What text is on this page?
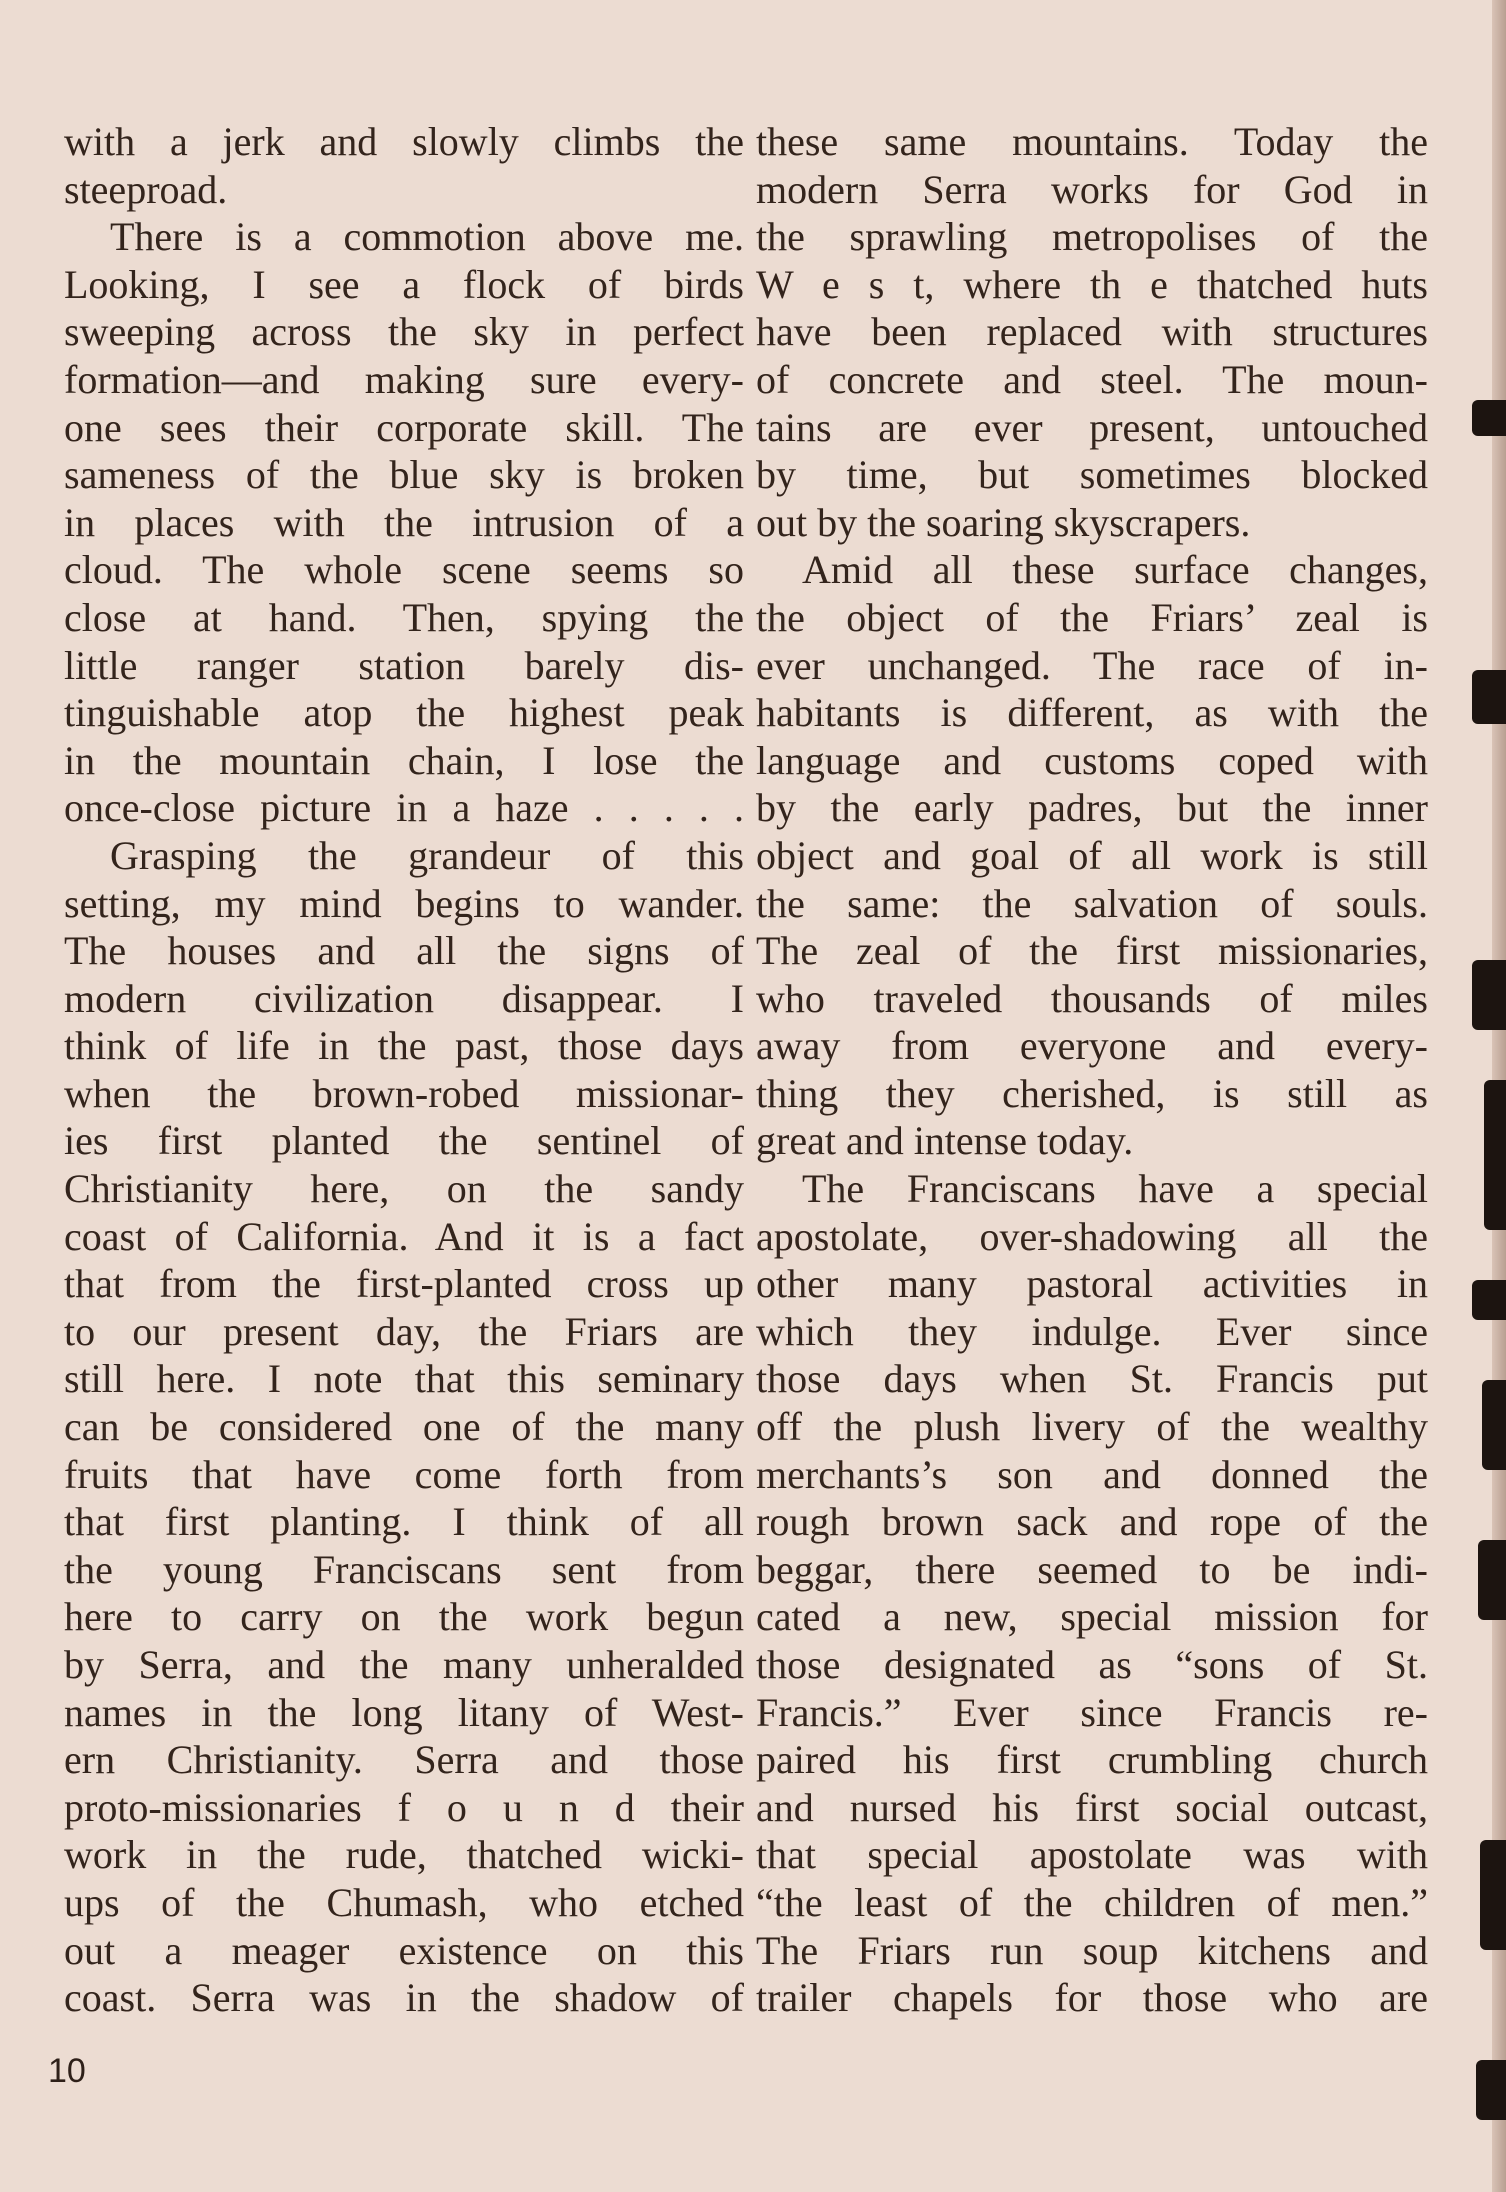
with a jerk and slowly climbs the
steeproad.
There is a commotion above me.
Looking, I see a flock of birds
sweeping across the sky in perfect
formation—and making sure every-
one sees their corporate skill. The
sameness of the blue sky is broken
in places with the intrusion of a
cloud. The whole scene seems so
close at hand. Then, spying the
little ranger station barely dis-
tinguishable atop the highest peak
in the mountain chain, I lose the
once-close picture in a haze . . . . .
Grasping the grandeur of this
setting, my mind begins to wander.
The houses and all the signs of
modern civilization disappear. I
think of life in the past, those days
when the brown-robed missionar-
ies first planted the sentinel of
Christianity here, on the sandy
coast of California. And it is a fact
that from the first-planted cross up
to our present day, the Friars are
still here. I note that this seminary
can be considered one of the many
fruits that have come forth from
that first planting. I think of all
the young Franciscans sent from
here to carry on the work begun
by Serra, and the many unheralded
names in the long litany of West-
ern Christianity. Serra and those
proto-missionaries f o u n d their
work in the rude, thatched wicki-
ups of the Chumash, who etched
out a meager existence on this
coast. Serra was in the shadow of
these same mountains. Today the
modern Serra works for God in
the sprawling metropolises of the
W e s t, where th e thatched huts
have been replaced with structures
of concrete and steel. The moun-
tains are ever present, untouched
by time, but sometimes blocked
out by the soaring skyscrapers.
Amid all these surface changes,
the object of the Friars’ zeal is
ever unchanged. The race of in-
habitants is different, as with the
language and customs coped with
by the early padres, but the inner
object and goal of all work is still
the same: the salvation of souls.
The zeal of the first missionaries,
who traveled thousands of miles
away from everyone and every-
thing they cherished, is still as
great and intense today.
The Franciscans have a special
apostolate, over-shadowing all the
other many pastoral activities in
which they indulge. Ever since
those days when St. Francis put
off the plush livery of the wealthy
merchants’s son and donned the
rough brown sack and rope of the
beggar, there seemed to be indi-
cated a new, special mission for
those designated as “sons of St.
Francis.” Ever since Francis re-
paired his first crumbling church
and nursed his first social outcast,
that special apostolate was with
“the least of the children of men.”
The Friars run soup kitchens and
trailer chapels for those who are
10
